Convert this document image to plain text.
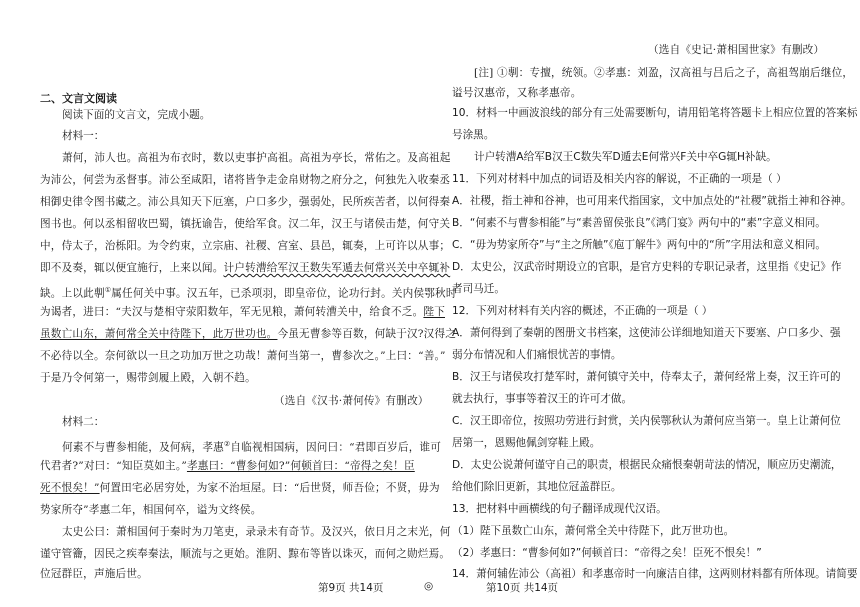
二、文言文阅读
阅读下面的文言文，完成小题。
材料一：
萧何，沛人也。高祖为布衣时，数以吏事护高祖。高祖为亭长，常佑之。及高祖起
为沛公，何尝为丞督事。沛公至咸阳，诸将皆争走金帛财物之府分之，何独先入收秦丞
相御史律令图书藏之。沛公具知天下厄塞，户口多少，强弱处，民所疾苦者，以何得秦
图书也。何以丞相留收巴蜀，镇抚谕告，使给军食。汉二年，汉王与诸侯击楚，何守关
中，侍太子，治栎阳。为令约束，立宗庙、社稷、宫室、县邑，辄奏，上可许以从事；
即不及奏，辄以便宜施行，上来以闻。计户转漕给军汉王数失军遁去何常兴关中卒辄补
缺。上以此剸①属任何关中事。汉五年，已杀项羽，即皇帝位，论功行封。关内侯鄂秋时
为谒者，进曰：“夫汉与楚相守荥阳数年，军无见粮，萧何转漕关中，给食不乏。陛下
虽数亡山东，萧何常全关中待陛下，此万世功也。今虽无曹参等百数，何缺于汉?汉得之
不必待以全。奈何欲以一旦之功加万世之功哉！萧何当第一，曹参次之。”上曰：“善。”
于是乃令何第一，赐带剑履上殿，入朝不趋。
（选自《汉书·萧何传》有删改）
材料二：
何素不与曹参相能，及何病，孝惠②自临视相国病，因问曰：“君即百岁后，谁可
代君者?”对曰：“知臣莫如主。”孝惠曰：“曹参何如?”何顿首曰：“帝得之矣！臣
死不恨矣！”何置田宅必居穷处，为家不治垣屋。曰：“后世贤，师吾俭；不贤，毋为
势家所夺”孝惠二年，相国何卒，谥为文终侯。
太史公曰：萧相国何于秦时为刀笔吏，录录未有奇节。及汉兴，依日月之末光，何
谨守管籥，因民之疾奉秦法，顺流与之更始。淮阴、黥布等皆以诛灭，而何之勋烂焉。
位冠群臣，声施后世。
（选自《史记·萧相国世家》有删改）
[注] ①剸：专擅，统领。②孝惠：刘盈，汉高祖与吕后之子，高祖驾崩后继位，
谥号汉惠帝，又称孝惠帝。
10．材料一中画波浪线的部分有三处需要断句，请用铅笔将答题卡上相应位置的答案标
号涂黑。
计户转漕A给军B汉王C数失军D遁去E何常兴F关中卒G辄H补缺。
11．下列对材料中加点的词语及相关内容的解说，不正确的一项是（ ）
A．社稷，指土神和谷神，也可用来代指国家，文中加点处的“社稷”就指土神和谷神。
B．“何素不与曹参相能”与“素善留侯张良”《鸿门宴》两句中的“素”字意义相同。
C．“毋为势家所夺”与“主之所触”《庖丁解牛》两句中的“所”字用法和意义相同。
D．太史公，汉武帝时期设立的官职，是官方史料的专职记录者，这里指《史记》作
者司马迁。
12．下列对材料有关内容的概述，不正确的一项是（ ）
A．萧何得到了秦朝的图册文书档案，这使沛公详细地知道天下要塞、户口多少、强
弱分布情况和人们痛恨忧苦的事情。
B．汉王与诸侯攻打楚军时，萧何镇守关中，侍奉太子，萧何经常上奏，汉王许可的
就去执行，事事等着汉王的许可才做。
C．汉王即帝位，按照功劳进行封赏，关内侯鄂秋认为萧何应当第一。皇上让萧何位
居第一，恩赐他佩剑穿鞋上殿。
D．太史公说萧何谨守自己的职责，根据民众痛恨秦朝苛法的情况，顺应历史潮流，
给他们除旧更新，其地位冠盖群臣。
13．把材料中画横线的句子翻译成现代汉语。
（1）陛下虽数亡山东，萧何常全关中待陛下，此万世功也。
（2）孝惠曰：“曹参何如?”何顿首曰：“帝得之矣！臣死不恨矣！”
14．萧何辅佐沛公（高祖）和孝惠帝时一向廉洁自律，这两则材料都有所体现。请简要
第9页 共14页	◎	第10页 共14页
